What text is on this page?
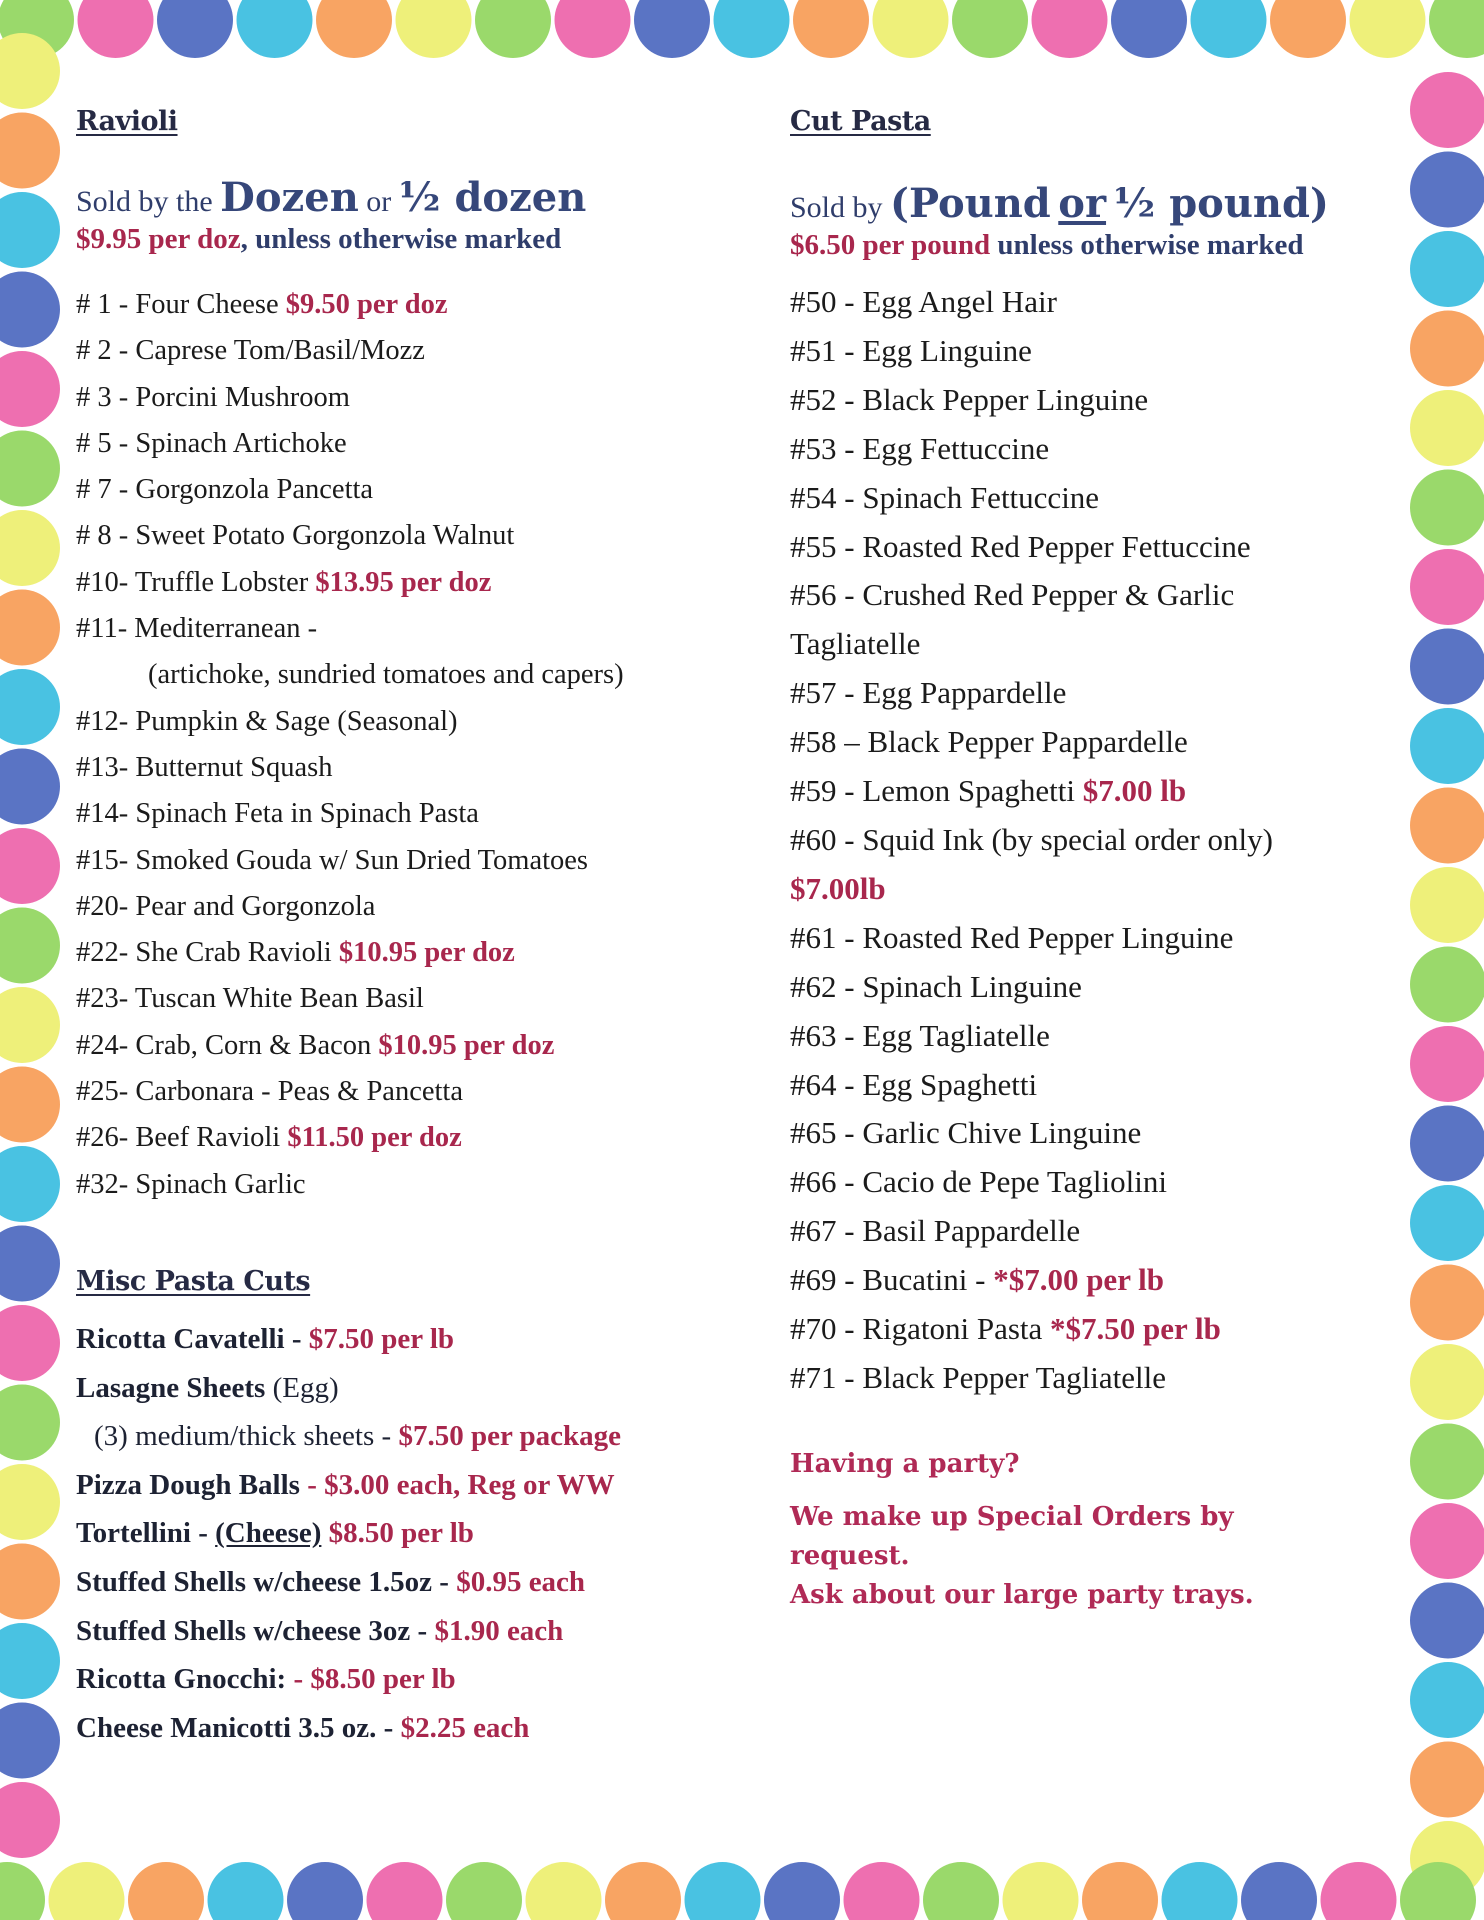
Ravioli
Sold by the Dozen or ½ dozen
$9.95 per doz, unless otherwise marked
# 1 - Four Cheese $9.50 per doz
# 2 - Caprese Tom/Basil/Mozz
# 3 - Porcini Mushroom
# 5 - Spinach Artichoke
# 7 - Gorgonzola Pancetta
# 8 - Sweet Potato Gorgonzola Walnut
#10- Truffle Lobster $13.95 per doz
#11- Mediterranean -
(artichoke, sundried tomatoes and capers)
#12- Pumpkin & Sage (Seasonal)
#13- Butternut Squash
#14- Spinach Feta in Spinach Pasta
#15- Smoked Gouda w/ Sun Dried Tomatoes
#20- Pear and Gorgonzola
#22- She Crab Ravioli $10.95 per doz
#23- Tuscan White Bean Basil
#24- Crab, Corn & Bacon $10.95 per doz
#25- Carbonara - Peas & Pancetta
#26- Beef Ravioli $11.50 per doz
#32- Spinach Garlic
Misc Pasta Cuts
Ricotta Cavatelli - $7.50 per lb
Lasagne Sheets (Egg)
(3) medium/thick sheets - $7.50 per package
Pizza Dough Balls - $3.00 each, Reg or WW
Tortellini - (Cheese) $8.50 per lb
Stuffed Shells w/cheese 1.5oz - $0.95 each
Stuffed Shells w/cheese 3oz - $1.90 each
Ricotta Gnocchi: - $8.50 per lb
Cheese Manicotti 3.5 oz. - $2.25 each
Cut Pasta
Sold by (Pound or ½ pound)
$6.50 per pound unless otherwise marked
#50 - Egg Angel Hair
#51 - Egg Linguine
#52 - Black Pepper Linguine
#53 - Egg Fettuccine
#54 - Spinach Fettuccine
#55 - Roasted Red Pepper Fettuccine
#56 - Crushed Red Pepper & Garlic
Tagliatelle
#57 - Egg Pappardelle
#58 – Black Pepper Pappardelle
#59 - Lemon Spaghetti $7.00 lb
#60 - Squid Ink (by special order only)
$7.00lb
#61 - Roasted Red Pepper Linguine
#62 - Spinach Linguine
#63 - Egg Tagliatelle
#64 - Egg Spaghetti
#65 - Garlic Chive Linguine
#66 - Cacio de Pepe Tagliolini
#67 - Basil Pappardelle
#69 - Bucatini - *$7.00 per lb
#70 - Rigatoni Pasta *$7.50 per lb
#71 - Black Pepper Tagliatelle

Having a party?

We make up Special Orders by

request.

Ask about our large party trays.
